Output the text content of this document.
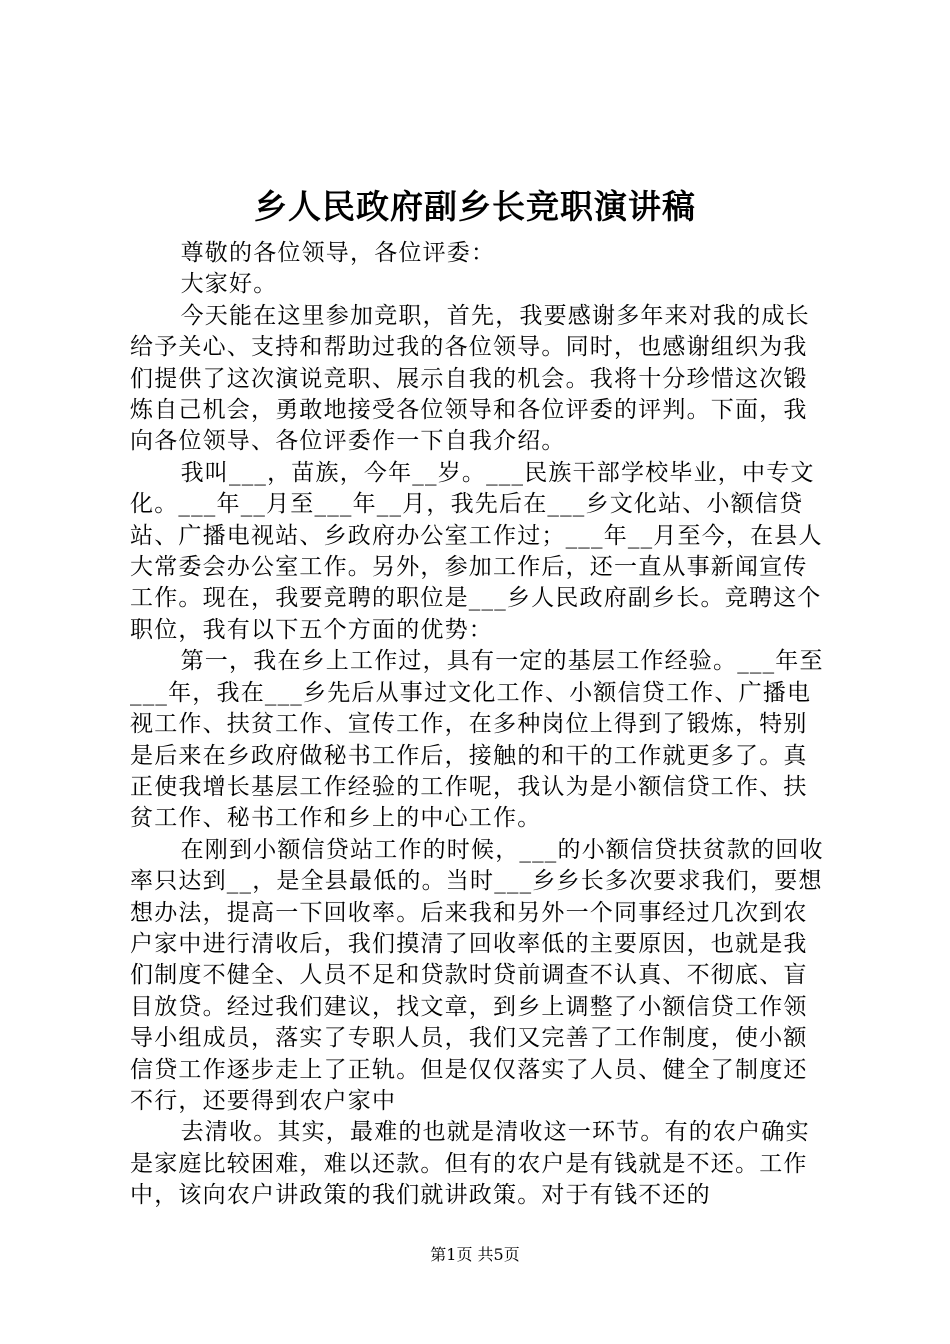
乡人民政府副乡长竞职演讲稿

尊敬的各位领导，各位评委：

大家好。

今天能在这里参加竞职，首先，我要感谢多年来对我的成长给予关心、支持和帮助过我的各位领导。同时，也感谢组织为我们提供了这次演说竞职、展示自我的机会。我将十分珍惜这次锻炼自己机会，勇敢地接受各位领导和各位评委的评判。下面，我向各位领导、各位评委作一下自我介绍。

我叫___，苗族，今年__岁。___民族干部学校毕业，中专文化。___年__月至___年__月，我先后在___乡文化站、小额信贷站、广播电视站、乡政府办公室工作过；___年__月至今，在县人大常委会办公室工作。另外，参加工作后，还一直从事新闻宣传工作。现在，我要竞聘的职位是___乡人民政府副乡长。竞聘这个职位，我有以下五个方面的优势：

第一，我在乡上工作过，具有一定的基层工作经验。___年至___年，我在___乡先后从事过文化工作、小额信贷工作、广播电视工作、扶贫工作、宣传工作，在多种岗位上得到了锻炼，特别是后来在乡政府做秘书工作后，接触的和干的工作就更多了。真正使我增长基层工作经验的工作呢，我认为是小额信贷工作、扶贫工作、秘书工作和乡上的中心工作。

在刚到小额信贷站工作的时候，___的小额信贷扶贫款的回收率只达到__，是全县最低的。当时___乡乡长多次要求我们，要想想办法，提高一下回收率。后来我和另外一个同事经过几次到农户家中进行清收后，我们摸清了回收率低的主要原因，也就是我们制度不健全、人员不足和贷款时贷前调查不认真、不彻底、盲目放贷。经过我们建议，找文章，到乡上调整了小额信贷工作领导小组成员，落实了专职人员，我们又完善了工作制度，使小额信贷工作逐步走上了正轨。但是仅仅落实了人员、健全了制度还不行，还要得到农户家中

去清收。其实，最难的也就是清收这一环节。有的农户确实是家庭比较困难，难以还款。但有的农户是有钱就是不还。工作中，该向农户讲政策的我们就讲政策。对于有钱不还的

第1页 共5页
